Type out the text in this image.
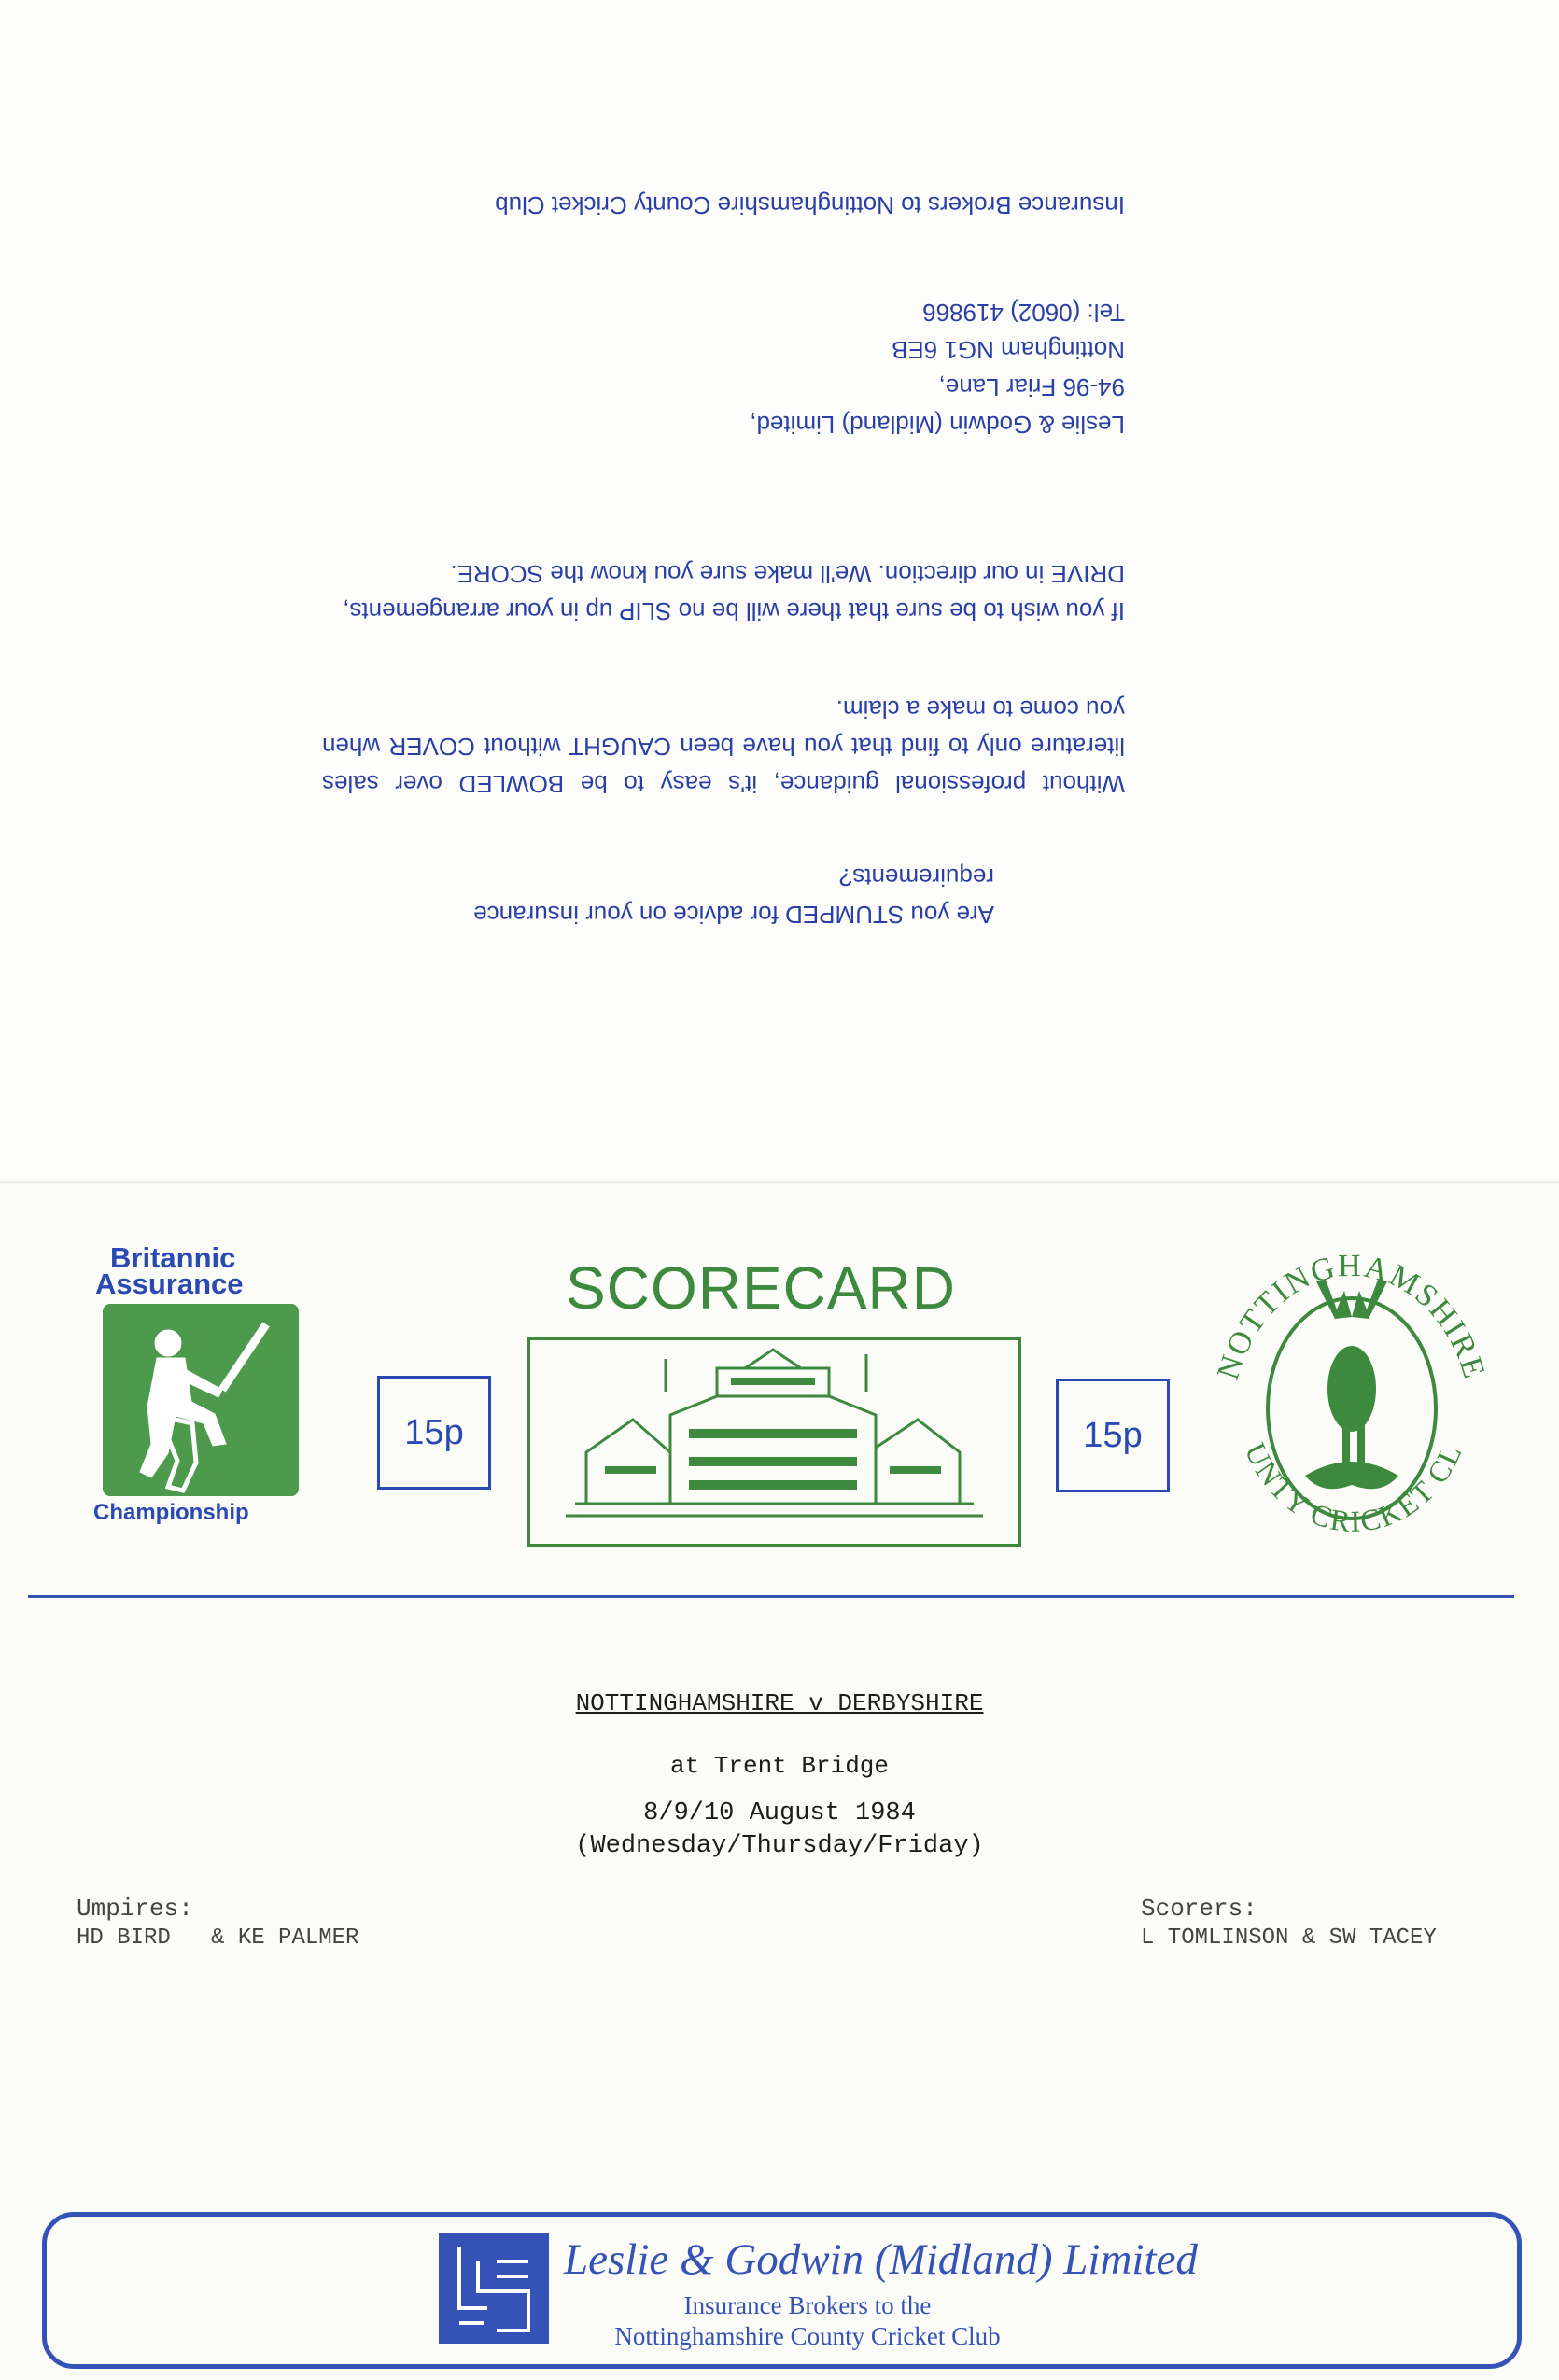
Are you STUMPED for advice on your insurance requirements?
Without professional guidance, it's easy to be BOWLED over sales literature only to find that you have been CAUGHT without COVER when you come to make a claim.
If you wish to be sure that there will be no SLIP up in your arrangements, DRIVE in our direction. We'll make sure you know the SCORE.
Leslie & Godwin (Midland) Limited,
94-96 Friar Lane,
Nottingham NG1 6EB
Tel: (0602) 419866
Insurance Brokers to Nottinghamshire County Cricket Club
Britannic
Assurance
Championship
15p	15p
SCORECARD
NOTTINGHAMSHIRE
UNTY CRICKET CL
NOTTINGHAMSHIRE v DERBYSHIRE
at Trent Bridge
8/9/10 August 1984
(Wednesday/Thursday/Friday)
Umpires:
HD BIRD   & KE PALMER
Scorers:
L TOMLINSON & SW TACEY
Leslie & Godwin (Midland) Limited
Insurance Brokers to the
Nottinghamshire County Cricket Club
